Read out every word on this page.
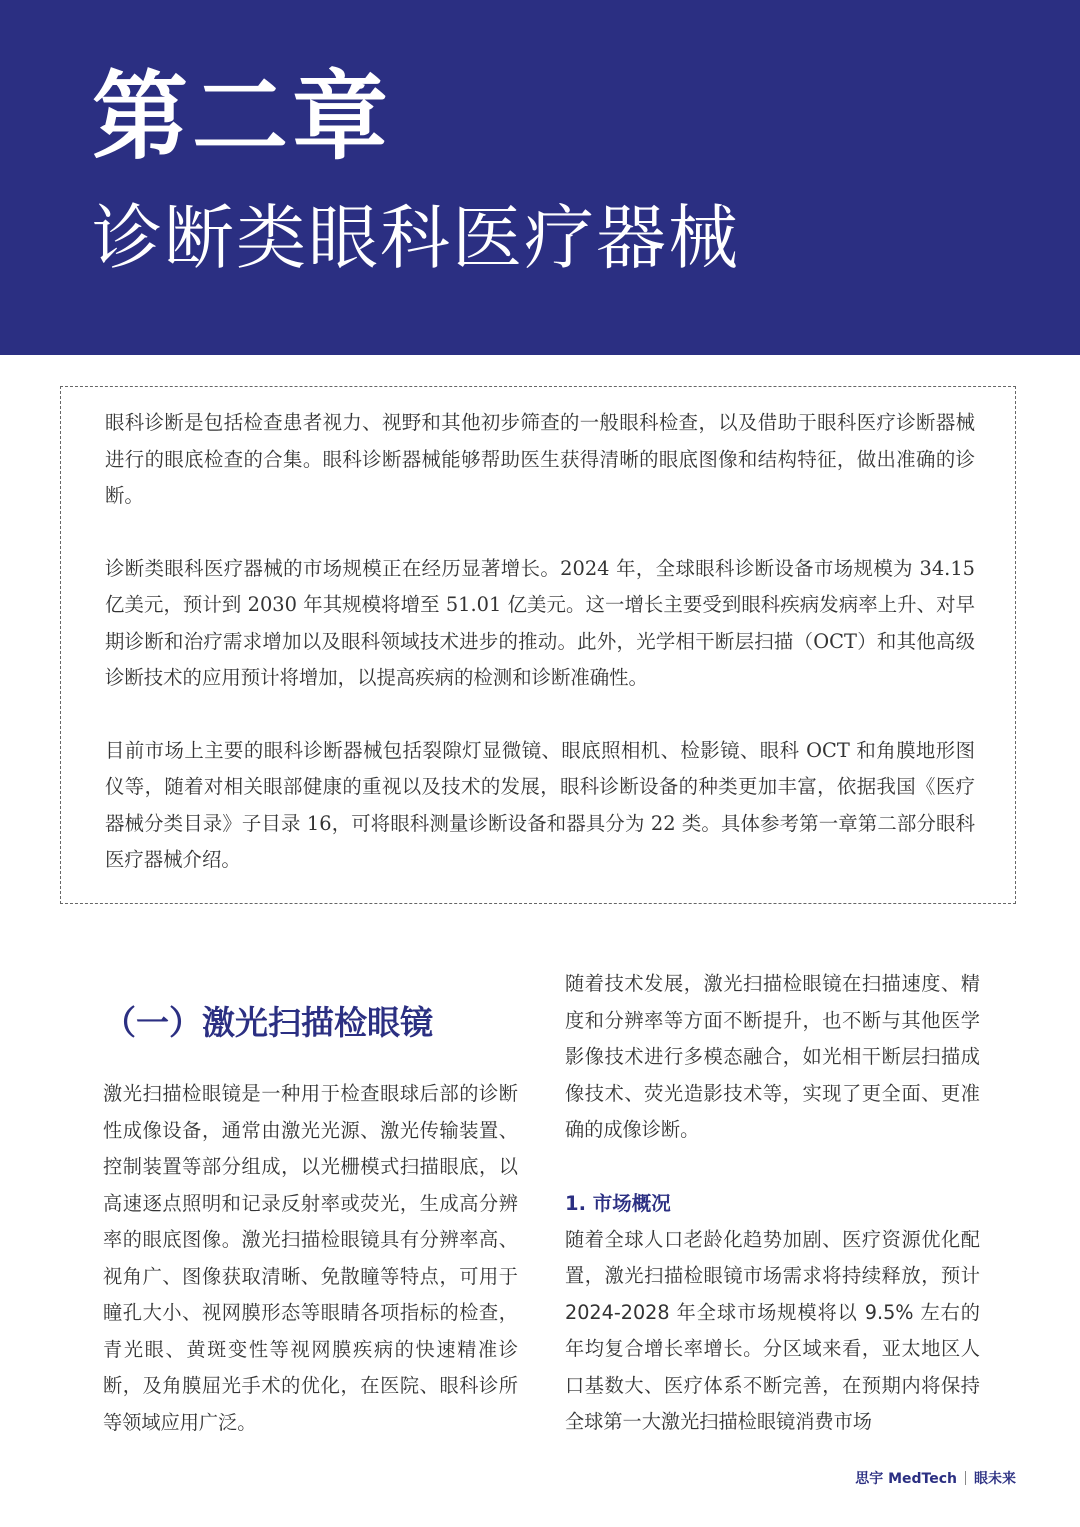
第二章
诊断类眼科医疗器械

眼科诊断是包括检查患者视力、视野和其他初步筛查的一般眼科检查，以及借助于眼科医疗诊断器械进行的眼底检查的合集。眼科诊断器械能够帮助医生获得清晰的眼底图像和结构特征，做出准确的诊断。

诊断类眼科医疗器械的市场规模正在经历显著增长。2024 年，全球眼科诊断设备市场规模为 34.15 亿美元，预计到 2030 年其规模将增至 51.01 亿美元。这一增长主要受到眼科疾病发病率上升、对早期诊断和治疗需求增加以及眼科领域技术进步的推动。此外，光学相干断层扫描（OCT）和其他高级诊断技术的应用预计将增加，以提高疾病的检测和诊断准确性。

目前市场上主要的眼科诊断器械包括裂隙灯显微镜、眼底照相机、检影镜、眼科 OCT 和角膜地形图仪等，随着对相关眼部健康的重视以及技术的发展，眼科诊断设备的种类更加丰富，依据我国《医疗器械分类目录》子目录 16，可将眼科测量诊断设备和器具分为 22 类。具体参考第一章第二部分眼科医疗器械介绍。

（一）激光扫描检眼镜

激光扫描检眼镜是一种用于检查眼球后部的诊断性成像设备，通常由激光光源、激光传输装置、控制装置等部分组成，以光栅模式扫描眼底，以高速逐点照明和记录反射率或荧光，生成高分辨率的眼底图像。激光扫描检眼镜具有分辨率高、视角广、图像获取清晰、免散瞳等特点，可用于瞳孔大小、视网膜形态等眼睛各项指标的检查，青光眼、黄斑变性等视网膜疾病的快速精准诊断，及角膜屈光手术的优化，在医院、眼科诊所等领域应用广泛。

随着技术发展，激光扫描检眼镜在扫描速度、精度和分辨率等方面不断提升，也不断与其他医学影像技术进行多模态融合，如光相干断层扫描成像技术、荧光造影技术等，实现了更全面、更准确的成像诊断。

1. 市场概况

随着全球人口老龄化趋势加剧、医疗资源优化配置，激光扫描检眼镜市场需求将持续释放，预计 2024-2028 年全球市场规模将以 9.5% 左右的年均复合增长率增长。分区域来看，亚太地区人口基数大、医疗体系不断完善，在预期内将保持全球第一大激光扫描检眼镜消费市场

思宇 MedTech 眼未来
